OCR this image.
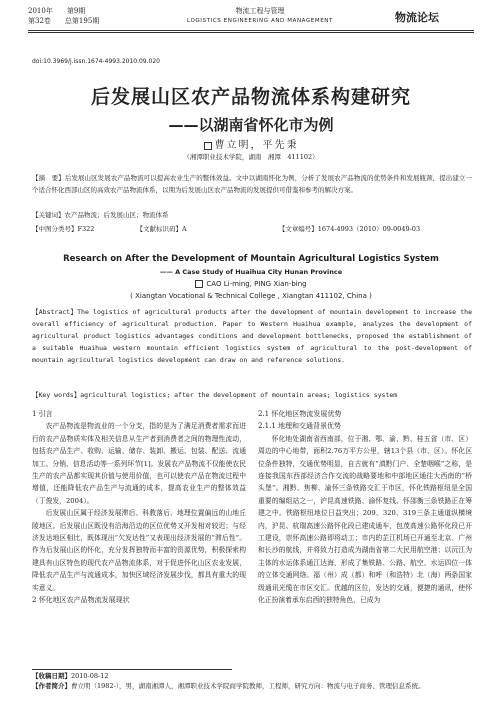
2010年 第9期
第32卷 总第195期
物流工程与管理
LOGISTICS ENGINEERING AND MANAGEMENT	物流论坛
doi:10.3969/j.issn.1674-4993.2010.09.020
后发展山区农产品物流体系构建研究
——以湖南省怀化市为例
曹立明，平先秉
（湘潭职业技术学院，湖南　湘潭　411102）
【摘　要】后发展山区发展农产品物流可以提高农业生产的整体效益。文中以湖南怀化为例，分析了发展农产品物流的优势条件和发展瓶颈，提出建立一个适合怀化西部山区的高效农产品物流体系，以期为后发展山区农产品物流的发展提供可借鉴和参考的解决方案。
【关键词】农产品物流；后发展山区；物流体系
【中图分类号】F322	【文献标识码】A	【文章编号】1674-4993（2010）09-0049-03
Research on After the Development of Mountain Agricultural Logistics System
—— A Case Study of Huaihua City Hunan Province
CAO Li-ming, PING Xian-bing
( Xiangtan Vocational & Technical College , Xiangtan 411102, China )
【Abstract】The logistics of agricultural products after the development of mountain development to increase the overall efficiency of agricultural production. Paper to Western Huaihua example, analyzes the development of agricultural product logistics advantages conditions and development bottlenecks, proposed the establishment of a suitable Huaihua western mountain efficient logistics system of agricultural to the post-development of mountain agricultural logistics development can draw on and reference solutions.
【Key words】agricultural logistics; after the development of mountain areas; logistics system

1 引言

农产品物流是物流业的一个分支，指的是为了满足消费者需求而进行的农产品物质实体及相关信息从生产者到消费者之间的物理性流动，包括农产品生产、收购、运输、储存、装卸、搬运、包装、配送、流通加工、分销、信息活动等一系列环节[1]。发展农产品物流不仅能使农民生产的农产品都实现其价值与使用价值，也可以使农产品在物流过程中增值，还能降低农产品生产与流通的成本，提高农业生产的整体效益（丁俊发，2004）。

后发展山区属于经济发展滞后、科教落后、地理位置偏远的山地丘陵地区。后发展山区既没有沿海沿边的区位优势又开发相对较迟；与经济发达地区相比，既体现出“欠发达性”又表现出经济发展的“滞后性”。作为后发展山区的怀化，充分发挥独特而丰富的资源优势，积极探索构建具有山区特色的现代农产品物流体系，对于促进怀化山区农业发展，降低农产品生产与流通成本，加快区域经济发展步伐，都具有重大的现实意义。

2 怀化地区农产品物流发展现状

2.1 怀化地区物流发展优势

2.1.1 地理和交通背景优势

怀化地处湖南省西南部，位于湘、鄂、渝、黔、桂五省（市、区）周边的中心地带，面积2.76万平方公里，辖13个县（市、区）。怀化区位条件独特，交通优势明显，自古就有“滇黔门户、全楚咽喉”之称，是连接我国东西部经济合作交流的战略要地和中部地区通往大西南的“桥头堡”。湘黔、焦柳、渝怀三条铁路交汇于市区，怀化铁路枢纽是全国重要的编组站之一，沪昆高速铁路、渝怀复线、怀邵衡三条铁路正在筹建之中。铁路枢纽地位日益突出；209、320、319三条主通道纵横境内，沪昆、杭瑞高速公路怀化段已建成通车，包茂高速公路怀化段已开工建设，崇怀高速公路即将动工；市内的芷江机场已开通至北京、广州和长沙的航线，并将致力打造成为湖南省第二大民用航空港；以沅江为主体的水运体系通江达海，形成了集铁路、公路、航空、水运四位一体的立体交通网络。福（州）成（都）和呼（和浩特）北（海）两条国家级通讯光缆在市区交汇。优越的区位，发达的交通，便捷的通讯，使怀化正扮演着承东启西的独特角色，已成为

【收稿日期】2010-08-12
【作者简介】曹立明（1982-），男，湖南湘潭人，湘潭职业技术学院商学院教师，工程师，研究方向：物流与电子商务、管理信息系统。
